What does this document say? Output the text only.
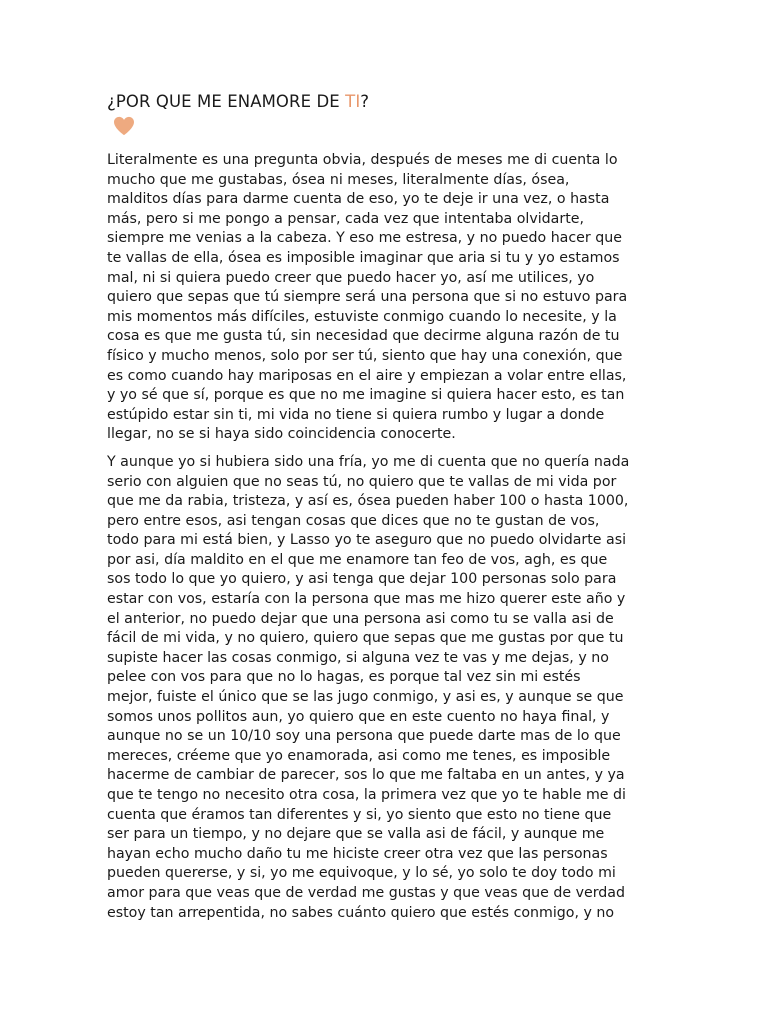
¿POR QUE ME ENAMORE DE TI?

Literalmente es una pregunta obvia, después de meses me di cuenta lo
mucho que me gustabas, ósea ni meses, literalmente días, ósea,
malditos días para darme cuenta de eso, yo te deje ir una vez, o hasta
más, pero si me pongo a pensar, cada vez que intentaba olvidarte,
siempre me venias a la cabeza. Y eso me estresa, y no puedo hacer que
te vallas de ella, ósea es imposible imaginar que aria si tu y yo estamos
mal, ni si quiera puedo creer que puedo hacer yo, así me utilices, yo
quiero que sepas que tú siempre será una persona que si no estuvo para
mis momentos más difíciles, estuviste conmigo cuando lo necesite, y la
cosa es que me gusta tú, sin necesidad que decirme alguna razón de tu
físico y mucho menos, solo por ser tú, siento que hay una conexión, que
es como cuando hay mariposas en el aire y empiezan a volar entre ellas,
y yo sé que sí, porque es que no me imagine si quiera hacer esto, es tan
estúpido estar sin ti, mi vida no tiene si quiera rumbo y lugar a donde
llegar, no se si haya sido coincidencia conocerte.

Y aunque yo si hubiera sido una fría, yo me di cuenta que no quería nada
serio con alguien que no seas tú, no quiero que te vallas de mi vida por
que me da rabia, tristeza, y así es, ósea pueden haber 100 o hasta 1000,
pero entre esos, asi tengan cosas que dices que no te gustan de vos,
todo para mi está bien, y Lasso yo te aseguro que no puedo olvidarte asi
por asi, día maldito en el que me enamore tan feo de vos, agh, es que
sos todo lo que yo quiero, y asi tenga que dejar 100 personas solo para
estar con vos, estaría con la persona que mas me hizo querer este año y
el anterior, no puedo dejar que una persona asi como tu se valla asi de
fácil de mi vida, y no quiero, quiero que sepas que me gustas por que tu
supiste hacer las cosas conmigo, si alguna vez te vas y me dejas, y no
pelee con vos para que no lo hagas, es porque tal vez sin mi estés
mejor, fuiste el único que se las jugo conmigo, y asi es, y aunque se que
somos unos pollitos aun, yo quiero que en este cuento no haya final, y
aunque no se un 10/10 soy una persona que puede darte mas de lo que
mereces, créeme que yo enamorada, asi como me tenes, es imposible
hacerme de cambiar de parecer, sos lo que me faltaba en un antes, y ya
que te tengo no necesito otra cosa, la primera vez que yo te hable me di
cuenta que éramos tan diferentes y si, yo siento que esto no tiene que
ser para un tiempo, y no dejare que se valla asi de fácil, y aunque me
hayan echo mucho daño tu me hiciste creer otra vez que las personas
pueden quererse, y si, yo me equivoque, y lo sé, yo solo te doy todo mi
amor para que veas que de verdad me gustas y que veas que de verdad
estoy tan arrepentida, no sabes cuánto quiero que estés conmigo, y no
